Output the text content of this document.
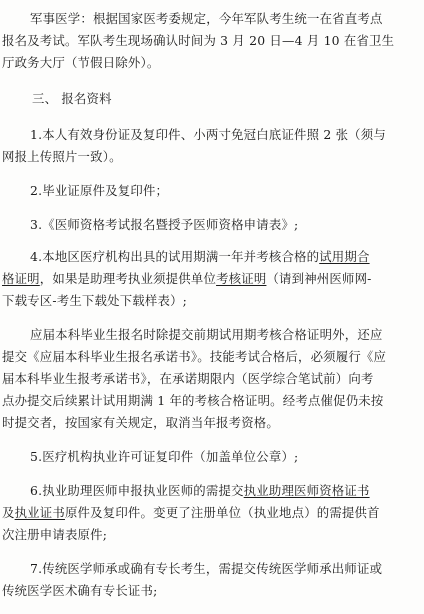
军事医学：根据国家医考委规定，今年军队考生统一在省直考点
报名及考试。军队考生现场确认时间为 3 月 20 日—4 月 10 在省卫生
厅政务大厅（节假日除外）。
三、 报名资料
1.本人有效身份证及复印件、小两寸免冠白底证件照 2 张（须与
网报上传照片一致）。
2.毕业证原件及复印件；
3.《医师资格考试报名暨授予医师资格申请表》;
4.本地区医疗机构出具的试用期满一年并考核合格的试用期合
格证明，如果是助理考执业须提供单位考核证明（请到神州医师网-
下载专区-考生下载处下载样表）;
应届本科毕业生报名时除提交前期试用期考核合格证明外，还应
提交《应届本科毕业生报名承诺书》。技能考试合格后，必须履行《应
届本科毕业生报考承诺书》，在承诺期限内（医学综合笔试前）向考
点办提交后续累计试用期满 1 年的考核合格证明。经考点催促仍未按
时提交者，按国家有关规定，取消当年报考资格。
5.医疗机构执业许可证复印件（加盖单位公章）;
6.执业助理医师申报执业医师的需提交执业助理医师资格证书
及执业证书原件及复印件。变更了注册单位（执业地点）的需提供首
次注册申请表原件;
7.传统医学师承或确有专长考生，需提交传统医学师承出师证或
传统医学医术确有专长证书;
